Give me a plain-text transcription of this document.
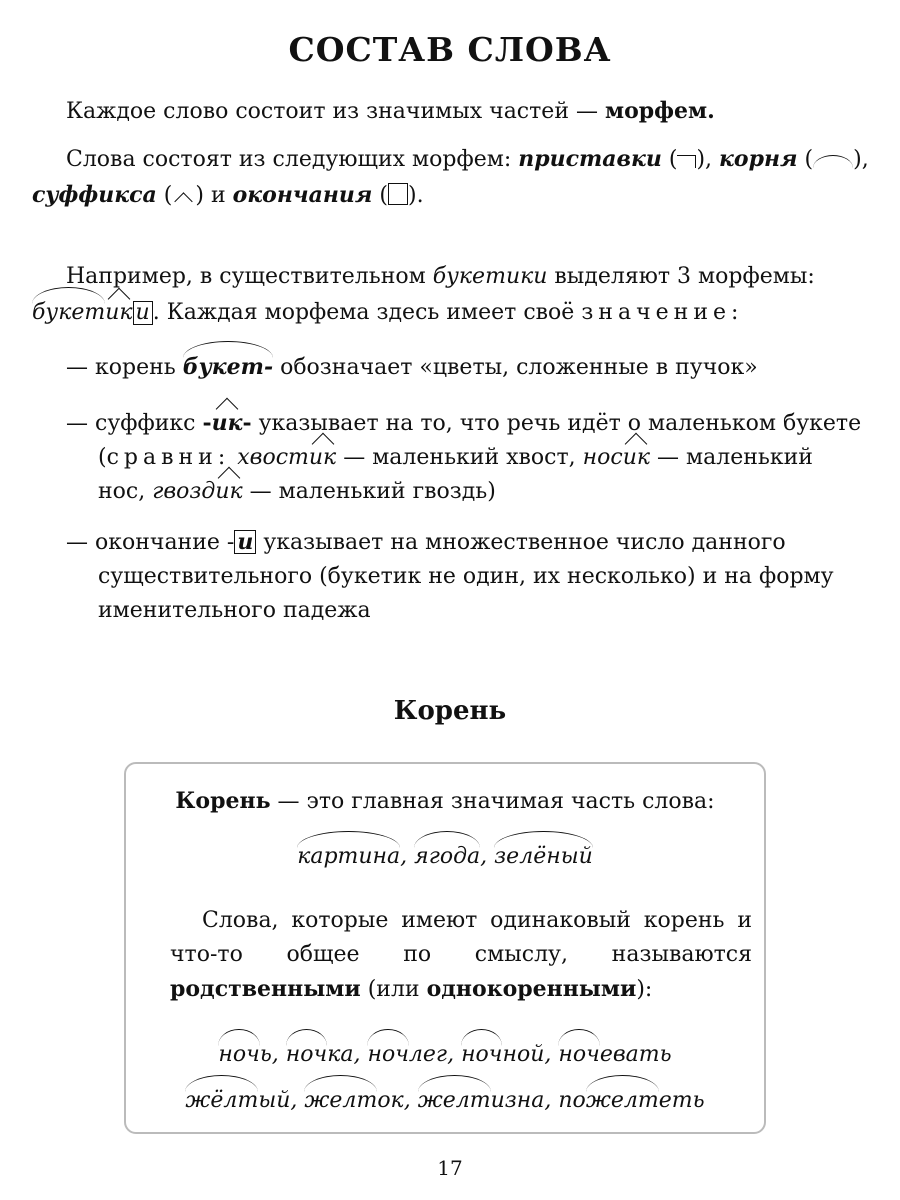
СОСТАВ СЛОВА
Каждое слово состоит из значимых частей — морфем.
Слова состоят из следующих морфем: приставки ( ), корня ( ),
суффикса ( ) и окончания ( ).
Например, в существительном букетики выделяют 3 морфемы:
букетик и . Каждая морфема здесь имеет своё значение:
— корень букет- обозначает «цветы, сложенные в пучок»
— суффикс -ик- указывает на то, что речь идёт о маленьком букете
(сравни: хвостик — маленький хвост, носик — маленький
нос, гвоздик — маленький гвоздь)
— окончание - и указывает на множественное число данного существительного (букетик не один, их несколько) и на форму именительного падежа
Корень
Корень — это главная значимая часть слова:
картина, ягода, зелёный
Слова, которые имеют одинаковый корень и что-то общее по смыслу, называются родственными (или однокоренными):
ночь, ночка, ночлег, ночной, ночевать
жёлтый, желток, желтизна, пожелтеть
17
